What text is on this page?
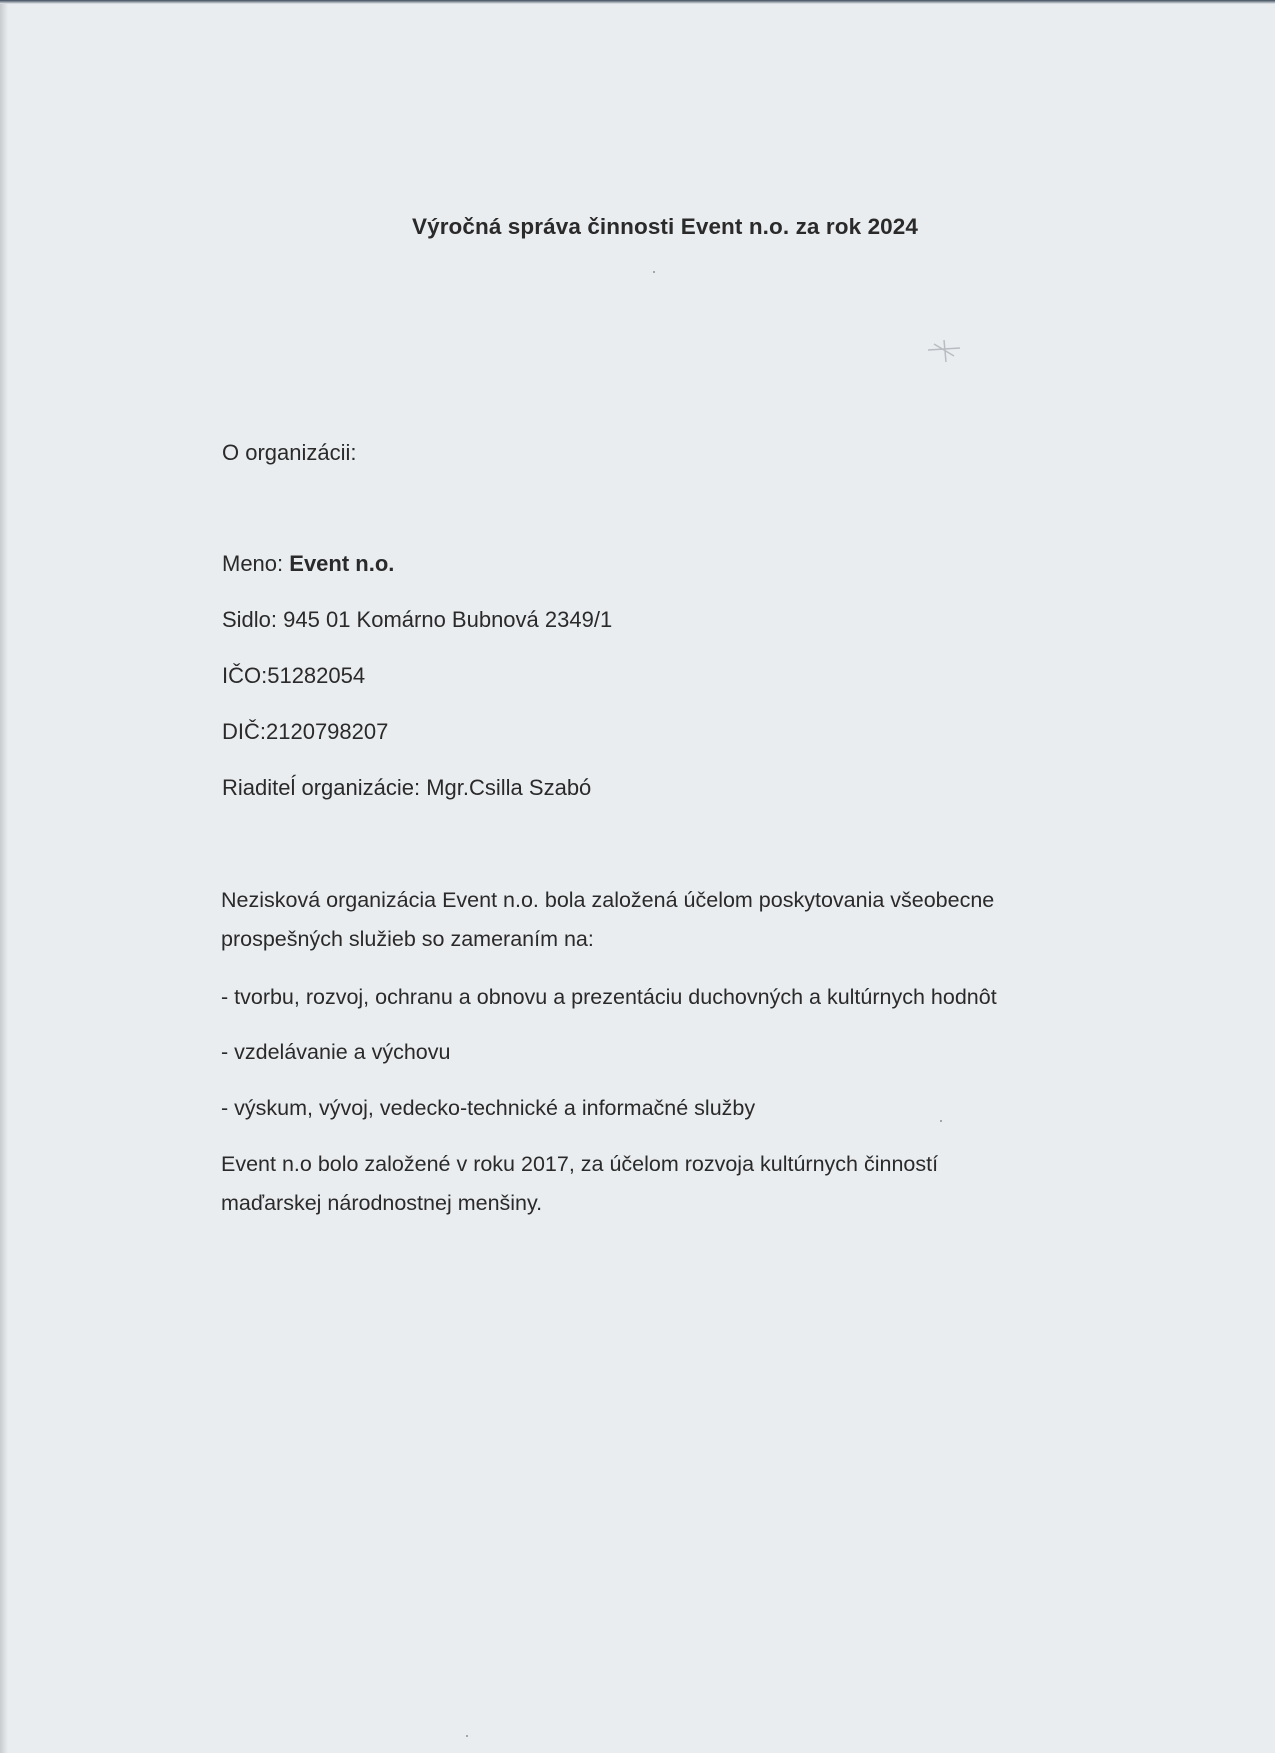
Výročná správa činnosti Event n.o. za rok 2024
O organizácii:
Meno: Event n.o.
Sidlo: 945 01 Komárno Bubnová 2349/1
IČO:51282054
DIČ:2120798207
Riaditeĺ organizácie: Mgr.Csilla Szabó
Nezisková organizácia Event n.o. bola založená účelom poskytovania všeobecne
prospešných služieb so zameraním na:
- tvorbu, rozvoj, ochranu a obnovu a prezentáciu duchovných a kultúrnych hodnôt
- vzdelávanie a výchovu
- výskum, vývoj, vedecko-technické a informačné služby
Event n.o bolo založené v roku 2017, za účelom rozvoja kultúrnych činností
maďarskej národnostnej menšiny.
